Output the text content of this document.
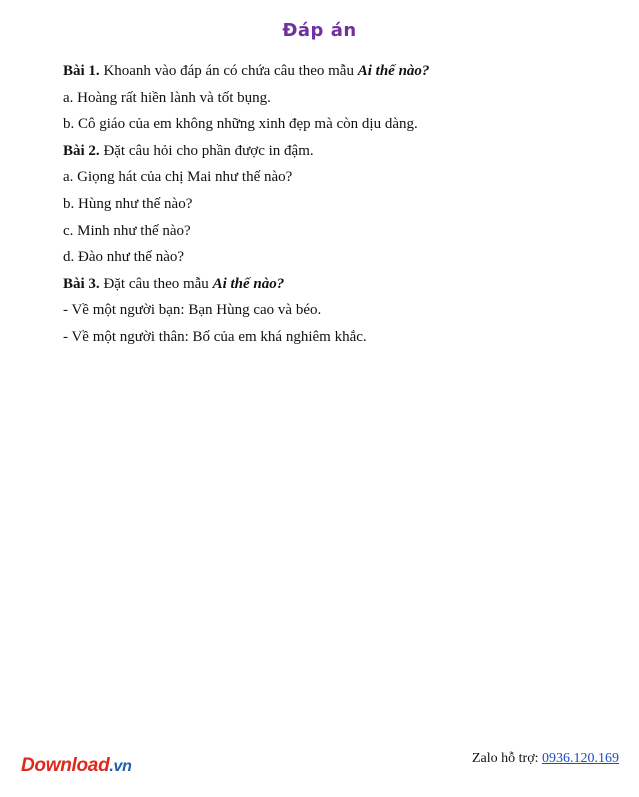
Đáp án
Bài 1. Khoanh vào đáp án có chứa câu theo mẫu Ai thế nào?
a. Hoàng rất hiền lành và tốt bụng.
b. Cô giáo của em không những xinh đẹp mà còn dịu dàng.
Bài 2. Đặt câu hỏi cho phần được in đậm.
a. Giọng hát của chị Mai như thế nào?
b. Hùng như thế nào?
c. Minh như thế nào?
d. Đào như thế nào?
Bài 3. Đặt câu theo mẫu Ai thế nào?
- Về một người bạn: Bạn Hùng cao và béo.
- Về một người thân: Bố của em khá nghiêm khắc.
Download.vn	Zalo hỗ trợ: 0936.120.169
